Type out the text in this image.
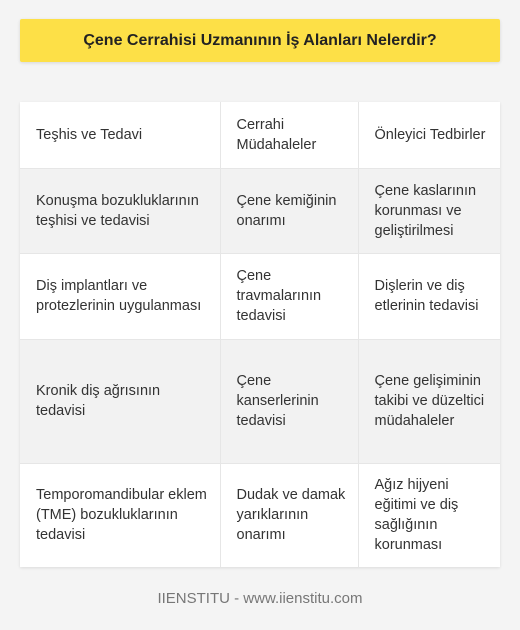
Çene Cerrahisi Uzmanının İş Alanları Nelerdir?
Teşhis ve Tedavi	Cerrahi Müdahaleler	Önleyici Tedbirler
Konuşma bozukluklarının teşhisi ve tedavisi	Çene kemiğinin onarımı	Çene kaslarının korunması ve geliştirilmesi
Diş implantları ve protezlerinin uygulanması	Çene travmalarının tedavisi	Dişlerin ve diş etlerinin tedavisi
Kronik diş ağrısının tedavisi	Çene kanserlerinin tedavisi	Çene gelişiminin takibi ve düzeltici müdahaleler
Temporomandibular eklem (TME) bozukluklarının tedavisi	Dudak ve damak yarıklarının onarımı	Ağız hijyeni eğitimi ve diş sağlığının korunması
IIENSTITU - www.iienstitu.com
